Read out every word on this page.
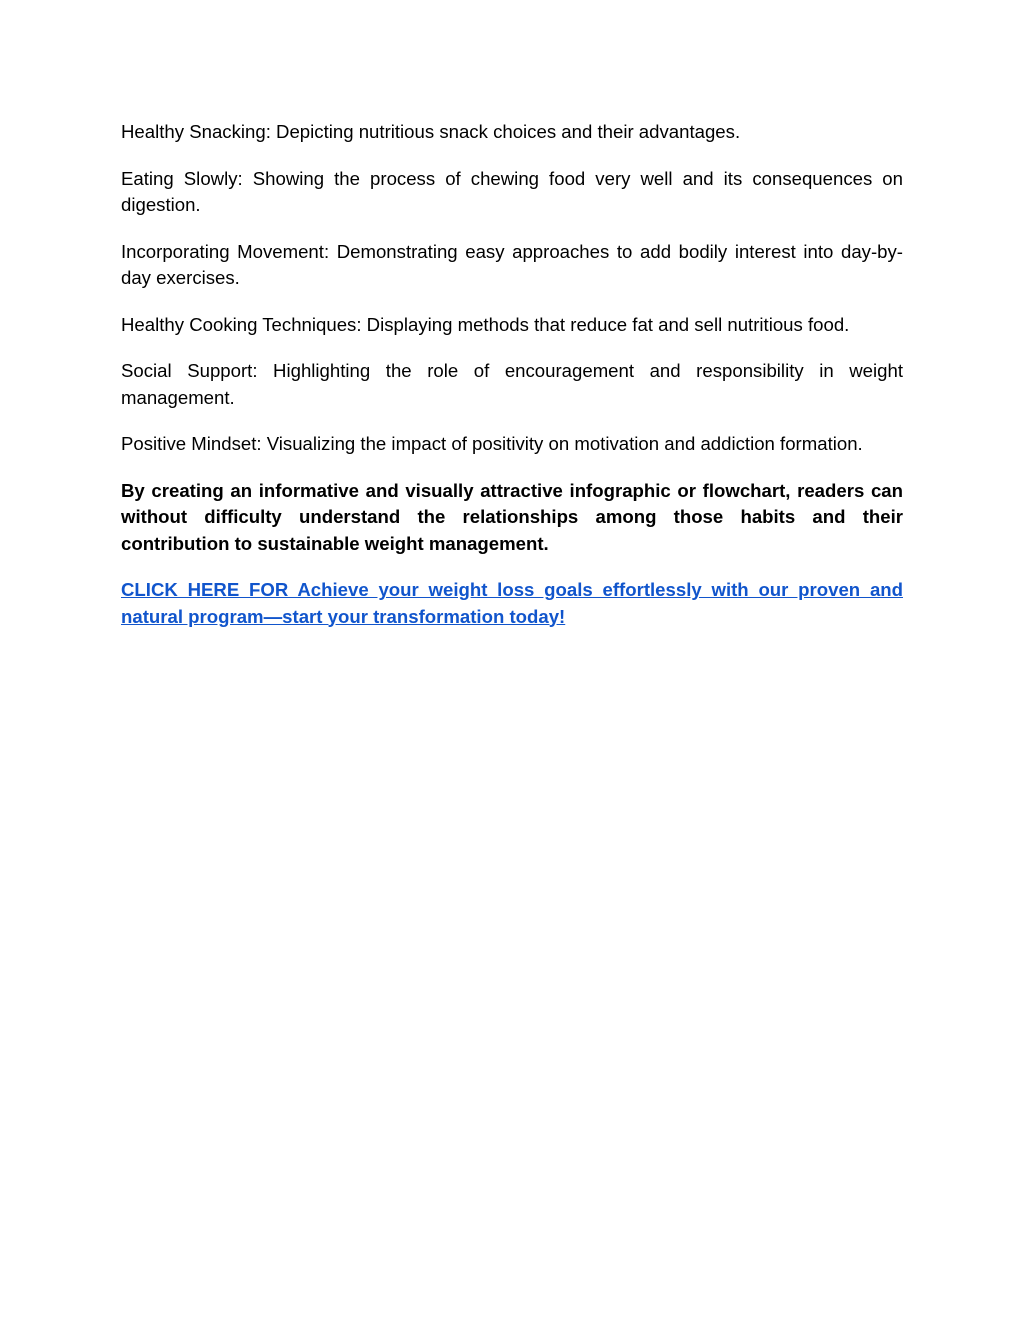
Healthy Snacking: Depicting nutritious snack choices and their advantages.

Eating Slowly: Showing the process of chewing food very well and its consequences on digestion.

Incorporating Movement: Demonstrating easy approaches to add bodily interest into day-by-day exercises.

Healthy Cooking Techniques: Displaying methods that reduce fat and sell nutritious food.

Social Support: Highlighting the role of encouragement and responsibility in weight management.

Positive Mindset: Visualizing the impact of positivity on motivation and addiction formation.

By creating an informative and visually attractive infographic or flowchart, readers can without difficulty understand the relationships among those habits and their contribution to sustainable weight management.

CLICK HERE FOR Achieve your weight loss goals effortlessly with our proven and natural program—start your transformation today!
